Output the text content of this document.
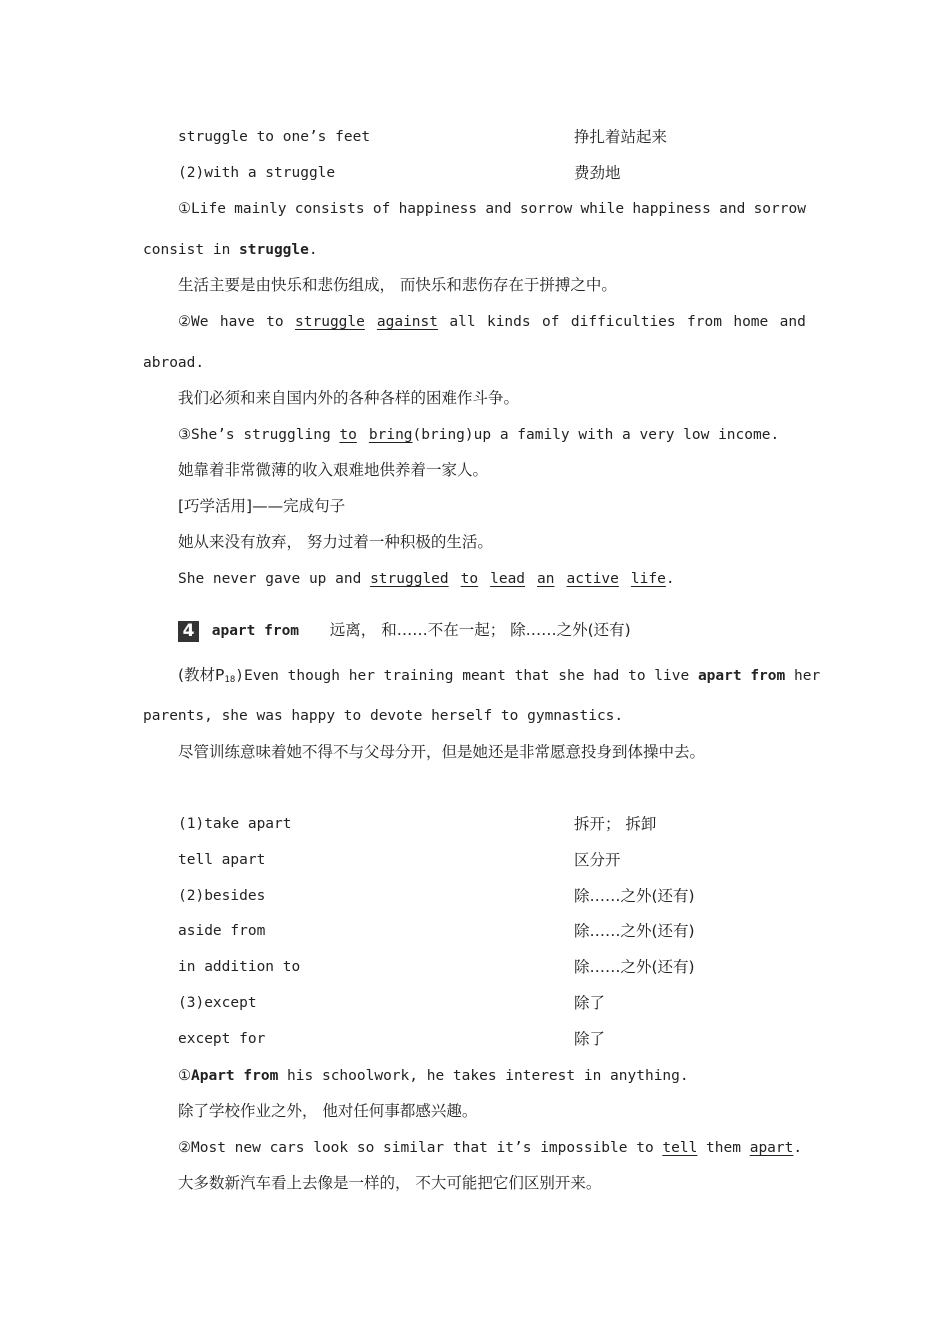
struggle to one’s feet	挣扎着站起来
(2)with a struggle	费劲地
①Life mainly consists of happiness and sorrow while happiness and sorrow
consist in struggle.
生活主要是由快乐和悲伤组成， 而快乐和悲伤存在于拼搏之中。
②We have to struggle against all kinds of difficulties from home and
abroad.
我们必须和来自国内外的各种各样的困难作斗争。
③She’s struggling to bring(bring)up a family with a very low income.
她靠着非常微薄的收入艰难地供养着一家人。
[巧学活用]——完成句子
她从来没有放弃， 努力过着一种积极的生活。
She never gave up and struggled to lead an active life.
4 apart from 远离， 和……不在一起； 除……之外(还有)
(教材$P_{18})Even$ though her training meant that she had to live apart from her
parents, she was happy to devote herself to gymnastics.
尽管训练意味着她不得不与父母分开，但是她还是非常愿意投身到体操中去。
(1)take apart	拆开； 拆卸
tell apart	区分开
(2)besides	除……之外(还有)
aside from	除……之外(还有)
in addition to	除……之外(还有)
(3)except	除了
except for	除了
①Apart from his schoolwork, he takes interest in anything.
除了学校作业之外， 他对任何事都感兴趣。
②Most new cars look so similar that it’s impossible to tell them apart.
大多数新汽车看上去像是一样的， 不大可能把它们区别开来。
